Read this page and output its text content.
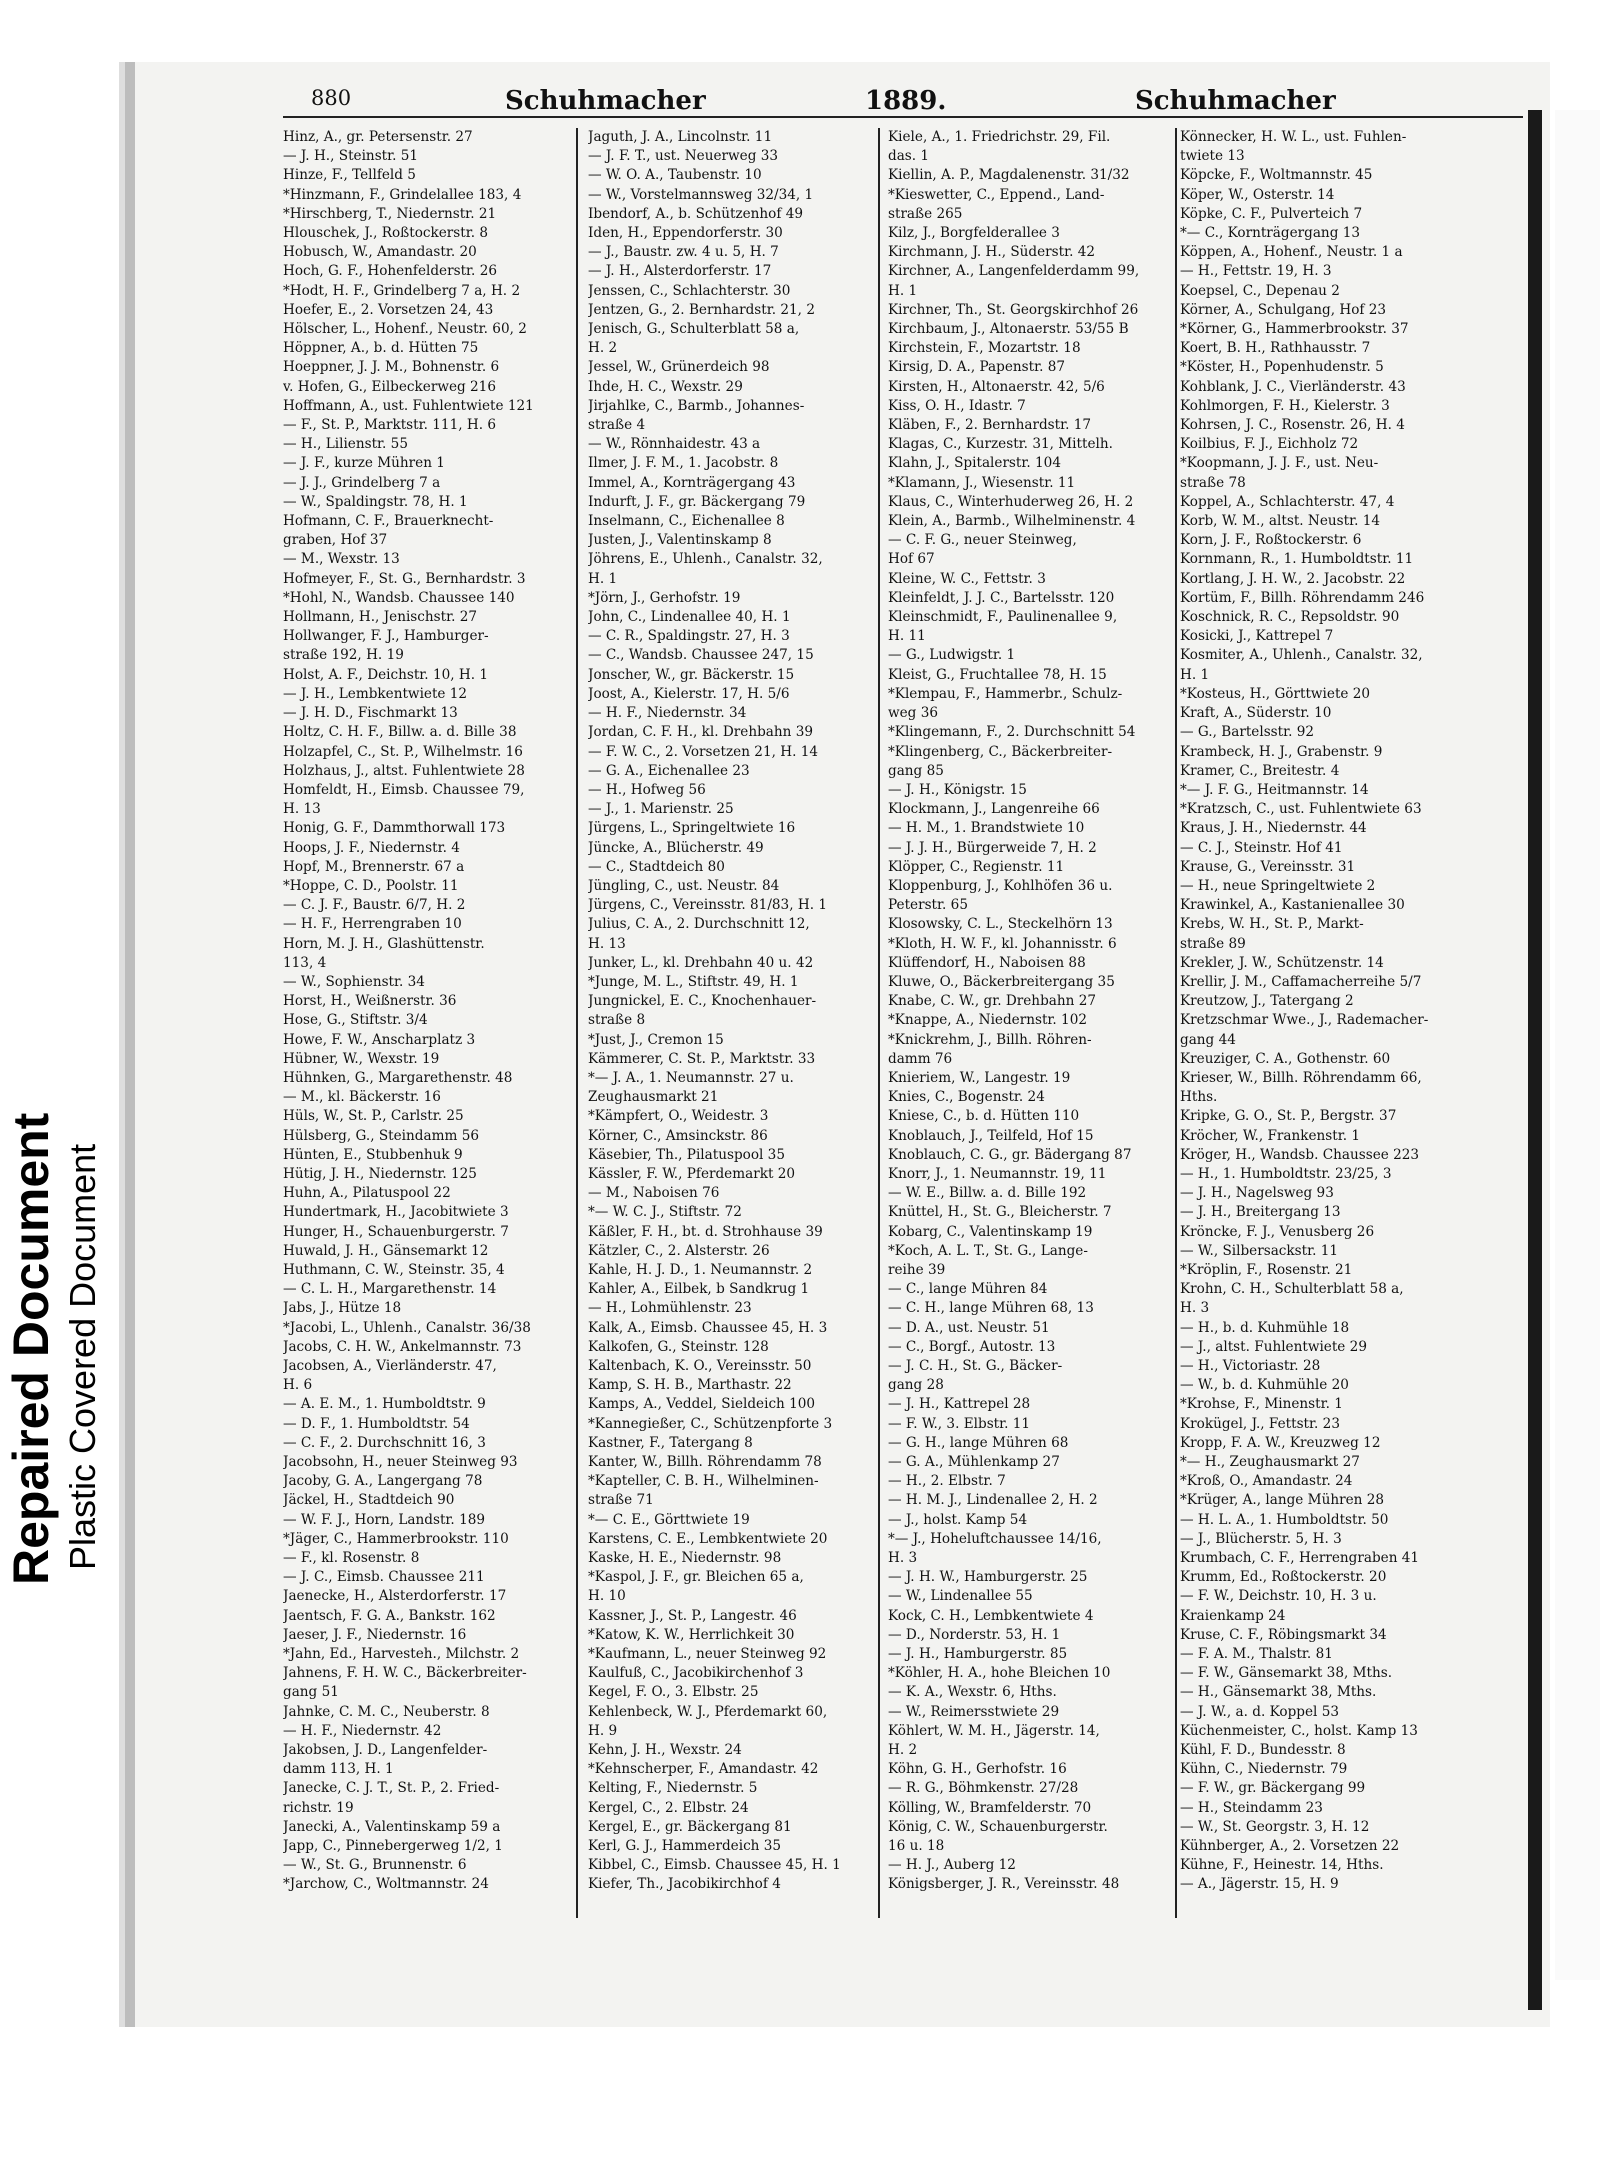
Repaired Document Plastic Covered Document
880	Schuhmacher	1889.	Schuhmacher
Hinz, A., gr. Petersenstr. 27
— J. H., Steinstr. 51
Hinze, F., Tellfeld 5
*Hinzmann, F., Grindelallee 183, 4
*Hirschberg, T., Niedernstr. 21
Hlouschek, J., Roßtockerstr. 8
Hobusch, W., Amandastr. 20
Hoch, G. F., Hohenfelderstr. 26
*Hodt, H. F., Grindelberg 7 a, H. 2
Hoefer, E., 2. Vorsetzen 24, 43
Hölscher, L., Hohenf., Neustr. 60, 2
Höppner, A., b. d. Hütten 75
Hoeppner, J. J. M., Bohnenstr. 6
v. Hofen, G., Eilbeckerweg 216
Hoffmann, A., ust. Fuhlentwiete 121
— F., St. P., Marktstr. 111, H. 6
— H., Lilienstr. 55
— J. F., kurze Mühren 1
— J. J., Grindelberg 7 a
— W., Spaldingstr. 78, H. 1
Hofmann, C. F., Brauerknecht-
graben, Hof 37
— M., Wexstr. 13
Hofmeyer, F., St. G., Bernhardstr. 3
*Hohl, N., Wandsb. Chaussee 140
Hollmann, H., Jenischstr. 27
Hollwanger, F. J., Hamburger-
straße 192, H. 19
Holst, A. F., Deichstr. 10, H. 1
— J. H., Lembkentwiete 12
— J. H. D., Fischmarkt 13
Holtz, C. H. F., Billw. a. d. Bille 38
Holzapfel, C., St. P., Wilhelmstr. 16
Holzhaus, J., altst. Fuhlentwiete 28
Homfeldt, H., Eimsb. Chaussee 79,
H. 13
Honig, G. F., Dammthorwall 173
Hoops, J. F., Niedernstr. 4
Hopf, M., Brennerstr. 67 a
*Hoppe, C. D., Poolstr. 11
— C. J. F., Baustr. 6/7, H. 2
— H. F., Herrengraben 10
Horn, M. J. H., Glashüttenstr.
113, 4
— W., Sophienstr. 34
Horst, H., Weißnerstr. 36
Hose, G., Stiftstr. 3/4
Howe, F. W., Anscharplatz 3
Hübner, W., Wexstr. 19
Hühnken, G., Margarethenstr. 48
— M., kl. Bäckerstr. 16
Hüls, W., St. P., Carlstr. 25
Hülsberg, G., Steindamm 56
Hünten, E., Stubbenhuk 9
Hütig, J. H., Niedernstr. 125
Huhn, A., Pilatuspool 22
Hundertmark, H., Jacobitwiete 3
Hunger, H., Schauenburgerstr. 7
Huwald, J. H., Gänsemarkt 12
Huthmann, C. W., Steinstr. 35, 4
— C. L. H., Margarethenstr. 14
Jabs, J., Hütze 18
*Jacobi, L., Uhlenh., Canalstr. 36/38
Jacobs, C. H. W., Ankelmannstr. 73
Jacobsen, A., Vierländerstr. 47,
H. 6
— A. E. M., 1. Humboldtstr. 9
— D. F., 1. Humboldtstr. 54
— C. F., 2. Durchschnitt 16, 3
Jacobsohn, H., neuer Steinweg 93
Jacoby, G. A., Langergang 78
Jäckel, H., Stadtdeich 90
— W. F. J., Horn, Landstr. 189
*Jäger, C., Hammerbrookstr. 110
— F., kl. Rosenstr. 8
— J. C., Eimsb. Chaussee 211
Jaenecke, H., Alsterdorferstr. 17
Jaentsch, F. G. A., Bankstr. 162
Jaeser, J. F., Niedernstr. 16
*Jahn, Ed., Harvesteh., Milchstr. 2
Jahnens, F. H. W. C., Bäckerbreiter-
gang 51
Jahnke, C. M. C., Neuberstr. 8
— H. F., Niedernstr. 42
Jakobsen, J. D., Langenfelder-
damm 113, H. 1
Janecke, C. J. T., St. P., 2. Fried-
richstr. 19
Janecki, A., Valentinskamp 59 a
Japp, C., Pinnebergerweg 1/2, 1
— W., St. G., Brunnenstr. 6
*Jarchow, C., Woltmannstr. 24
Jaguth, J. A., Lincolnstr. 11
— J. F. T., ust. Neuerweg 33
— W. O. A., Taubenstr. 10
— W., Vorstelmannsweg 32/34, 1
Ibendorf, A., b. Schützenhof 49
Iden, H., Eppendorferstr. 30
— J., Baustr. zw. 4 u. 5, H. 7
— J. H., Alsterdorferstr. 17
Jenssen, C., Schlachterstr. 30
Jentzen, G., 2. Bernhardstr. 21, 2
Jenisch, G., Schulterblatt 58 a,
H. 2
Jessel, W., Grünerdeich 98
Ihde, H. C., Wexstr. 29
Jirjahlke, C., Barmb., Johannes-
straße 4
— W., Rönnhaidestr. 43 a
Ilmer, J. F. M., 1. Jacobstr. 8
Immel, A., Kornträgergang 43
Indurft, J. F., gr. Bäckergang 79
Inselmann, C., Eichenallee 8
Justen, J., Valentinskamp 8
Jöhrens, E., Uhlenh., Canalstr. 32,
H. 1
*Jörn, J., Gerhofstr. 19
John, C., Lindenallee 40, H. 1
— C. R., Spaldingstr. 27, H. 3
— C., Wandsb. Chaussee 247, 15
Jonscher, W., gr. Bäckerstr. 15
Joost, A., Kielerstr. 17, H. 5/6
— H. F., Niedernstr. 34
Jordan, C. F. H., kl. Drehbahn 39
— F. W. C., 2. Vorsetzen 21, H. 14
— G. A., Eichenallee 23
— H., Hofweg 56
— J., 1. Marienstr. 25
Jürgens, L., Springeltwiete 16
Jüncke, A., Blücherstr. 49
— C., Stadtdeich 80
Jüngling, C., ust. Neustr. 84
Jürgens, C., Vereinsstr. 81/83, H. 1
Julius, C. A., 2. Durchschnitt 12,
H. 13
Junker, L., kl. Drehbahn 40 u. 42
*Junge, M. L., Stiftstr. 49, H. 1
Jungnickel, E. C., Knochenhauer-
straße 8
*Just, J., Cremon 15
Kämmerer, C. St. P., Marktstr. 33
*— J. A., 1. Neumannstr. 27 u.
Zeughausmarkt 21
*Kämpfert, O., Weidestr. 3
Körner, C., Amsinckstr. 86
Käsebier, Th., Pilatuspool 35
Kässler, F. W., Pferdemarkt 20
— M., Naboisen 76
*— W. C. J., Stiftstr. 72
Käßler, F. H., bt. d. Strohhause 39
Kätzler, C., 2. Alsterstr. 26
Kahle, H. J. D., 1. Neumannstr. 2
Kahler, A., Eilbek, b Sandkrug 1
— H., Lohmühlenstr. 23
Kalk, A., Eimsb. Chaussee 45, H. 3
Kalkofen, G., Steinstr. 128
Kaltenbach, K. O., Vereinsstr. 50
Kamp, S. H. B., Marthastr. 22
Kamps, A., Veddel, Sieldeich 100
*Kannegießer, C., Schützenpforte 3
Kastner, F., Tatergang 8
Kanter, W., Billh. Röhrendamm 78
*Kapteller, C. B. H., Wilhelminen-
straße 71
*— C. E., Görttwiete 19
Karstens, C. E., Lembkentwiete 20
Kaske, H. E., Niedernstr. 98
*Kaspol, J. F., gr. Bleichen 65 a,
H. 10
Kassner, J., St. P., Langestr. 46
*Katow, K. W., Herrlichkeit 30
*Kaufmann, L., neuer Steinweg 92
Kaulfuß, C., Jacobikirchenhof 3
Kegel, F. O., 3. Elbstr. 25
Kehlenbeck, W. J., Pferdemarkt 60,
H. 9
Kehn, J. H., Wexstr. 24
*Kehnscherper, F., Amandastr. 42
Kelting, F., Niedernstr. 5
Kergel, C., 2. Elbstr. 24
Kergel, E., gr. Bäckergang 81
Kerl, G. J., Hammerdeich 35
Kibbel, C., Eimsb. Chaussee 45, H. 1
Kiefer, Th., Jacobikirchhof 4
Kiele, A., 1. Friedrichstr. 29, Fil.
das. 1
Kiellin, A. P., Magdalenenstr. 31/32
*Kieswetter, C., Eppend., Land-
straße 265
Kilz, J., Borgfelderallee 3
Kirchmann, J. H., Süderstr. 42
Kirchner, A., Langenfelderdamm 99,
H. 1
Kirchner, Th., St. Georgskirchhof 26
Kirchbaum, J., Altonaerstr. 53/55 B
Kirchstein, F., Mozartstr. 18
Kirsig, D. A., Papenstr. 87
Kirsten, H., Altonaerstr. 42, 5/6
Kiss, O. H., Idastr. 7
Kläben, F., 2. Bernhardstr. 17
Klagas, C., Kurzestr. 31, Mittelh.
Klahn, J., Spitalerstr. 104
*Klamann, J., Wiesenstr. 11
Klaus, C., Winterhuderweg 26, H. 2
Klein, A., Barmb., Wilhelminenstr. 4
— C. F. G., neuer Steinweg,
Hof 67
Kleine, W. C., Fettstr. 3
Kleinfeldt, J. J. C., Bartelsstr. 120
Kleinschmidt, F., Paulinenallee 9,
H. 11
— G., Ludwigstr. 1
Kleist, G., Fruchtallee 78, H. 15
*Klempau, F., Hammerbr., Schulz-
weg 36
*Klingemann, F., 2. Durchschnitt 54
*Klingenberg, C., Bäckerbreiter-
gang 85
— J. H., Königstr. 15
Klockmann, J., Langenreihe 66
— H. M., 1. Brandstwiete 10
— J. J. H., Bürgerweide 7, H. 2
Klöpper, C., Regienstr. 11
Kloppenburg, J., Kohlhöfen 36 u.
Peterstr. 65
Klosowsky, C. L., Steckelhörn 13
*Kloth, H. W. F., kl. Johannisstr. 6
Klüffendorf, H., Naboisen 88
Kluwe, O., Bäckerbreitergang 35
Knabe, C. W., gr. Drehbahn 27
*Knappe, A., Niedernstr. 102
*Knickrehm, J., Billh. Röhren-
damm 76
Knieriem, W., Langestr. 19
Knies, C., Bogenstr. 24
Kniese, C., b. d. Hütten 110
Knoblauch, J., Teilfeld, Hof 15
Knoblauch, C. G., gr. Bädergang 87
Knorr, J., 1. Neumannstr. 19, 11
— W. E., Billw. a. d. Bille 192
Knüttel, H., St. G., Bleicherstr. 7
Kobarg, C., Valentinskamp 19
*Koch, A. L. T., St. G., Lange-
reihe 39
— C., lange Mühren 84
— C. H., lange Mühren 68, 13
— D. A., ust. Neustr. 51
— C., Borgf., Autostr. 13
— J. C. H., St. G., Bäcker-
gang 28
— J. H., Kattrepel 28
— F. W., 3. Elbstr. 11
— G. H., lange Mühren 68
— G. A., Mühlenkamp 27
— H., 2. Elbstr. 7
— H. M. J., Lindenallee 2, H. 2
— J., holst. Kamp 54
*— J., Hoheluftchaussee 14/16,
H. 3
— J. H. W., Hamburgerstr. 25
— W., Lindenallee 55
Kock, C. H., Lembkentwiete 4
— D., Norderstr. 53, H. 1
— J. H., Hamburgerstr. 85
*Köhler, H. A., hohe Bleichen 10
— K. A., Wexstr. 6, Hths.
— W., Reimersstwiete 29
Köhlert, W. M. H., Jägerstr. 14,
H. 2
Köhn, G. H., Gerhofstr. 16
— R. G., Böhmkenstr. 27/28
Kölling, W., Bramfelderstr. 70
König, C. W., Schauenburgerstr.
16 u. 18
— H. J., Auberg 12
Königsberger, J. R., Vereinsstr. 48
Könnecker, H. W. L., ust. Fuhlen-
twiete 13
Köpcke, F., Woltmannstr. 45
Köper, W., Osterstr. 14
Köpke, C. F., Pulverteich 7
*— C., Kornträgergang 13
Köppen, A., Hohenf., Neustr. 1 a
— H., Fettstr. 19, H. 3
Koepsel, C., Depenau 2
Körner, A., Schulgang, Hof 23
*Körner, G., Hammerbrookstr. 37
Koert, B. H., Rathhausstr. 7
*Köster, H., Popenhudenstr. 5
Kohblank, J. C., Vierländerstr. 43
Kohlmorgen, F. H., Kielerstr. 3
Kohrsen, J. C., Rosenstr. 26, H. 4
Koilbius, F. J., Eichholz 72
*Koopmann, J. J. F., ust. Neu-
straße 78
Koppel, A., Schlachterstr. 47, 4
Korb, W. M., altst. Neustr. 14
Korn, J. F., Roßtockerstr. 6
Kornmann, R., 1. Humboldtstr. 11
Kortlang, J. H. W., 2. Jacobstr. 22
Kortüm, F., Billh. Röhrendamm 246
Koschnick, R. C., Repsoldstr. 90
Kosicki, J., Kattrepel 7
Kosmiter, A., Uhlenh., Canalstr. 32,
H. 1
*Kosteus, H., Görttwiete 20
Kraft, A., Süderstr. 10
— G., Bartelsstr. 92
Krambeck, H. J., Grabenstr. 9
Kramer, C., Breitestr. 4
*— J. F. G., Heitmannstr. 14
*Kratzsch, C., ust. Fuhlentwiete 63
Kraus, J. H., Niedernstr. 44
— C. J., Steinstr. Hof 41
Krause, G., Vereinsstr. 31
— H., neue Springeltwiete 2
Krawinkel, A., Kastanienallee 30
Krebs, W. H., St. P., Markt-
straße 89
Krekler, J. W., Schützenstr. 14
Krellir, J. M., Caffamacherreihe 5/7
Kreutzow, J., Tatergang 2
Kretzschmar Wwe., J., Rademacher-
gang 44
Kreuziger, C. A., Gothenstr. 60
Krieser, W., Billh. Röhrendamm 66,
Hths.
Kripke, G. O., St. P., Bergstr. 37
Kröcher, W., Frankenstr. 1
Kröger, H., Wandsb. Chaussee 223
— H., 1. Humboldtstr. 23/25, 3
— J. H., Nagelsweg 93
— J. H., Breitergang 13
Kröncke, F. J., Venusberg 26
— W., Silbersackstr. 11
*Kröplin, F., Rosenstr. 21
Krohn, C. H., Schulterblatt 58 a,
H. 3
— H., b. d. Kuhmühle 18
— J., altst. Fuhlentwiete 29
— H., Victoriastr. 28
— W., b. d. Kuhmühle 20
*Krohse, F., Minenstr. 1
Krokügel, J., Fettstr. 23
Kropp, F. A. W., Kreuzweg 12
*— H., Zeughausmarkt 27
*Kroß, O., Amandastr. 24
*Krüger, A., lange Mühren 28
— H. L. A., 1. Humboldtstr. 50
— J., Blücherstr. 5, H. 3
Krumbach, C. F., Herrengraben 41
Krumm, Ed., Roßtockerstr. 20
— F. W., Deichstr. 10, H. 3 u.
Kraienkamp 24
Kruse, C. F., Röbingsmarkt 34
— F. A. M., Thalstr. 81
— F. W., Gänsemarkt 38, Mths.
— H., Gänsemarkt 38, Mths.
— J. W., a. d. Koppel 53
Küchenmeister, C., holst. Kamp 13
Kühl, F. D., Bundesstr. 8
Kühn, C., Niedernstr. 79
— F. W., gr. Bäckergang 99
— H., Steindamm 23
— W., St. Georgstr. 3, H. 12
Kühnberger, A., 2. Vorsetzen 22
Kühne, F., Heinestr. 14, Hths.
— A., Jägerstr. 15, H. 9
